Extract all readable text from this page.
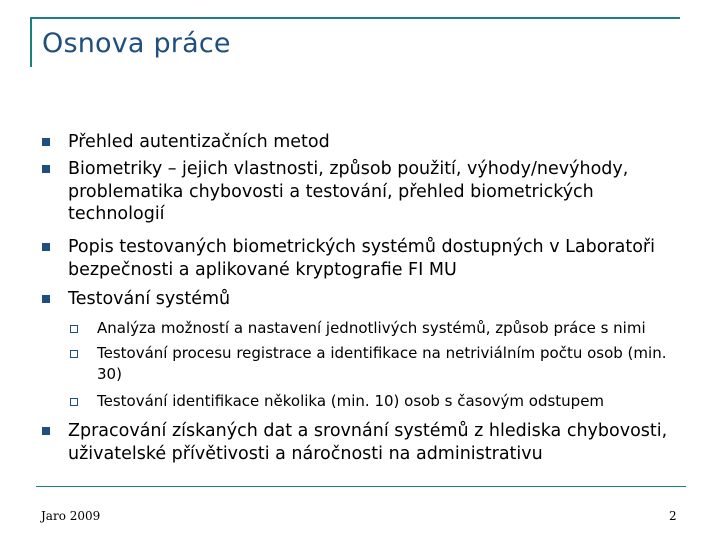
Osnova práce
Přehled autentizačních metod
Biometriky – jejich vlastnosti, způsob použití, výhody/nevýhody, problematika chybovosti a testování, přehled biometrických technologií
Popis testovaných biometrických systémů dostupných v Laboratoři bezpečnosti a aplikované kryptografie FI MU
Testování systémů
Analýza možností a nastavení jednotlivých systémů, způsob práce s nimi
Testování procesu registrace a identifikace na netriviálním počtu osob (min. 30)
Testování identifikace několika (min. 10) osob s časovým odstupem
Zpracování získaných dat a srovnání systémů z hlediska chybovosti, uživatelské přívětivosti a náročnosti na administrativu
Jaro 2009	2
